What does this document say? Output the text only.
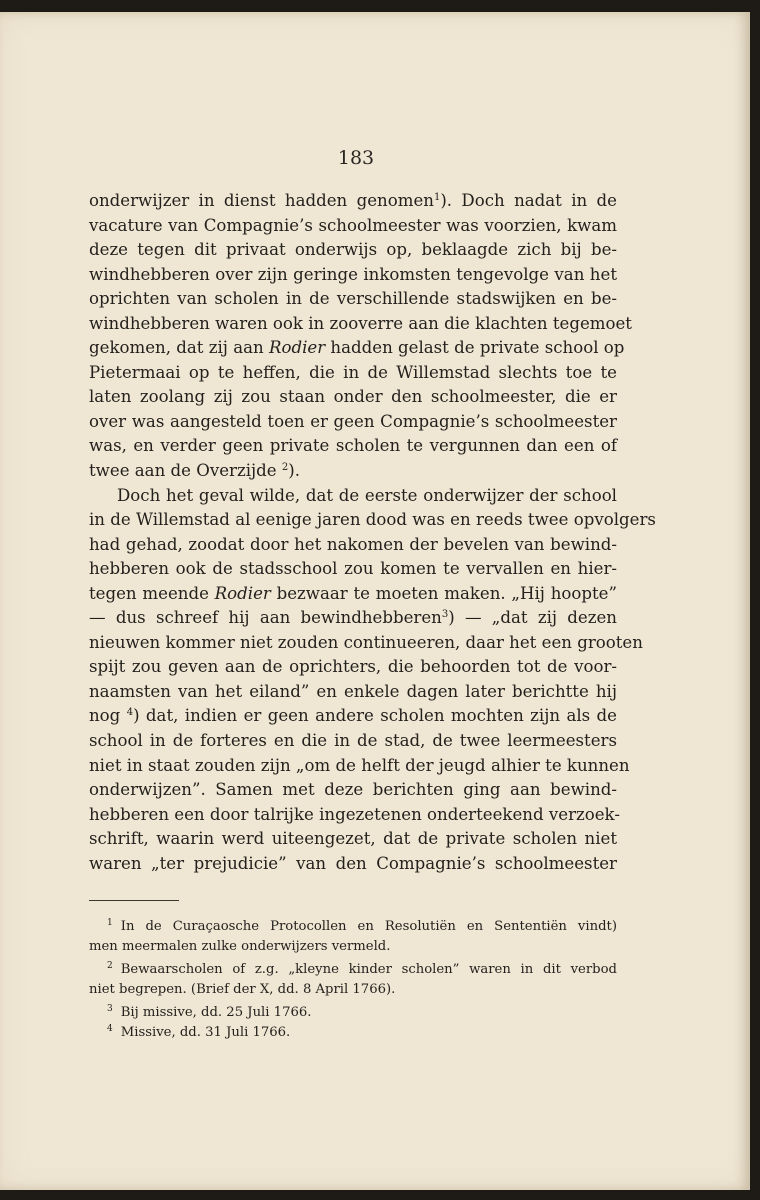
183
onderwijzer in dienst hadden genomen$^1$). Doch nadat in de
vacature van Compagnie’s schoolmeester was voorzien, kwam
deze tegen dit privaat onderwijs op, beklaagde zich bij be-
windhebberen over zijn geringe inkomsten tengevolge van het
oprichten van scholen in de verschillende stadswijken en be-
windhebberen waren ook in zooverre aan die klachten tegemoet
gekomen, dat zij aan Rodier hadden gelast de private school op
Pietermaai op te heffen, die in de Willemstad slechts toe te
laten zoolang zij zou staan onder den schoolmeester, die er
over was aangesteld toen er geen Compagnie’s schoolmeester
was, en verder geen private scholen te vergunnen dan een of
twee aan de Overzijde $^2$).
Doch het geval wilde, dat de eerste onderwijzer der school
in de Willemstad al eenige jaren dood was en reeds twee opvolgers
had gehad, zoodat door het nakomen der bevelen van bewind-
hebberen ook de stadsschool zou komen te vervallen en hier-
tegen meende Rodier bezwaar te moeten maken. „Hij hoopte”
— dus schreef hij aan bewindhebberen$^3$) — „dat zij dezen
nieuwen kommer niet zouden continueeren, daar het een grooten
spijt zou geven aan de oprichters, die behoorden tot de voor-
naamsten van het eiland” en enkele dagen later berichtte hij
nog $^4$) dat, indien er geen andere scholen mochten zijn als de
school in de forteres en die in de stad, de twee leermeesters
niet in staat zouden zijn „om de helft der jeugd alhier te kunnen
onderwijzen”. Samen met deze berichten ging aan bewind-
hebberen een door talrijke ingezetenen onderteekend verzoek-
schrift, waarin werd uiteengezet, dat de private scholen niet
waren „ter prejudicie” van den Compagnie’s schoolmeester
$^1$ In de Curaçaosche Protocollen en Resolutiën en Sententiën vindt)
men meermalen zulke onderwijzers vermeld.
$^2$ Bewaarscholen of z.g. „kleyne kinder scholen” waren in dit verbod
niet begrepen. (Brief der X, dd. 8 April 1766).
$^3$ Bij missive, dd. 25 Juli 1766.
$^4$ Missive, dd. 31 Juli 1766.
